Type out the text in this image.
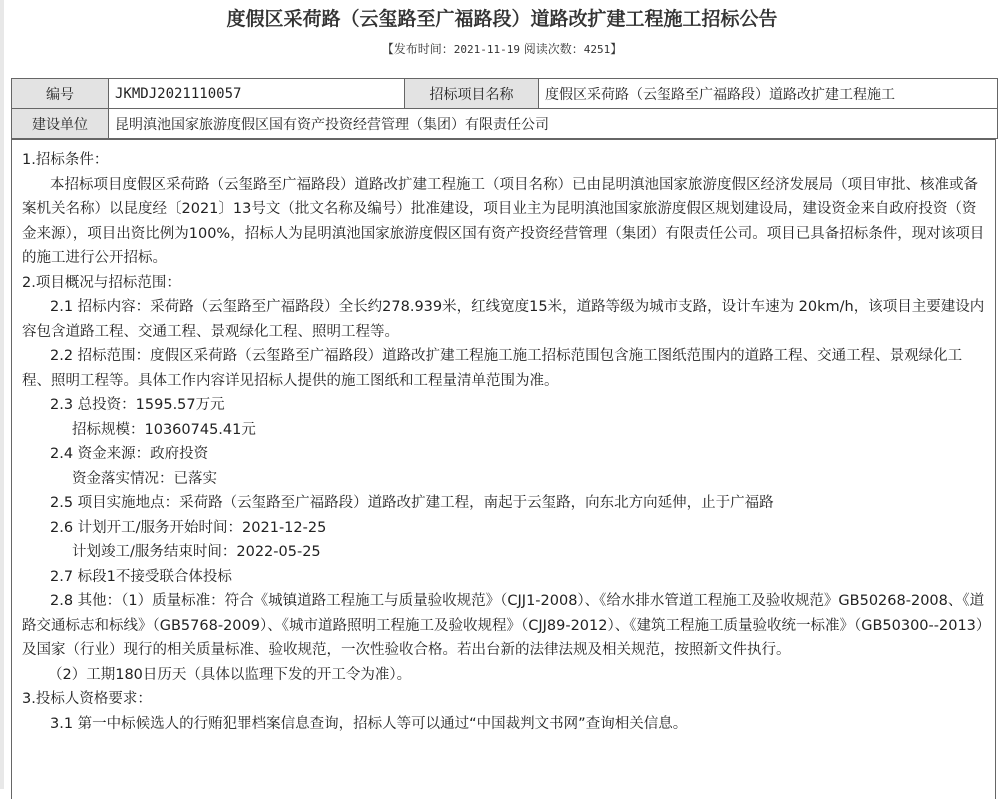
度假区采荷路（云玺路至广福路段）道路改扩建工程施工招标公告
【发布时间：2021-11-19 阅读次数：4251】
编号	JKMDJ2021110057	招标项目名称	度假区采荷路（云玺路至广福路段）道路改扩建工程施工
建设单位	昆明滇池国家旅游度假区国有资产投资经营管理（集团）有限责任公司		

1.招标条件：

本招标项目度假区采荷路（云玺路至广福路段）道路改扩建工程施工（项目名称）已由昆明滇池国家旅游度假区经济发展局（项目审批、核准或备案机关名称）以昆度经〔2021〕13号文（批文名称及编号）批准建设，项目业主为昆明滇池国家旅游度假区规划建设局，建设资金来自政府投资（资金来源），项目出资比例为100%，招标人为昆明滇池国家旅游度假区国有资产投资经营管理（集团）有限责任公司。项目已具备招标条件，现对该项目的施工进行公开招标。

2.项目概况与招标范围：

2.1 招标内容：采荷路（云玺路至广福路段）全长约278.939米，红线宽度15米，道路等级为城市支路，设计车速为 20km/h，该项目主要建设内容包含道路工程、交通工程、景观绿化工程、照明工程等。

2.2 招标范围：度假区采荷路（云玺路至广福路段）道路改扩建工程施工施工招标范围包含施工图纸范围内的道路工程、交通工程、景观绿化工程、照明工程等。具体工作内容详见招标人提供的施工图纸和工程量清单范围为准。

2.3 总投资：1595.57万元

招标规模：10360745.41元

2.4 资金来源：政府投资

资金落实情况：已落实

2.5 项目实施地点：采荷路（云玺路至广福路段）道路改扩建工程，南起于云玺路，向东北方向延伸，止于广福路

2.6 计划开工/服务开始时间：2021-12-25

计划竣工/服务结束时间：2022-05-25

2.7 标段1不接受联合体投标

2.8 其他：（1）质量标准：符合《城镇道路工程施工与质量验收规范》（CJJ1-2008）、《给水排水管道工程施工及验收规范》GB50268-2008、《道路交通标志和标线》（GB5768-2009）、《城市道路照明工程施工及验收规程》（CJJ89-2012）、《建筑工程施工质量验收统一标准》（GB50300--2013）及国家（行业）现行的相关质量标准、验收规范，一次性验收合格。若出台新的法律法规及相关规范，按照新文件执行。

（2）工期180日历天（具体以监理下发的开工令为准）。

3.投标人资格要求：

3.1 第一中标候选人的行贿犯罪档案信息查询，招标人等可以通过“中国裁判文书网”查询相关信息。
